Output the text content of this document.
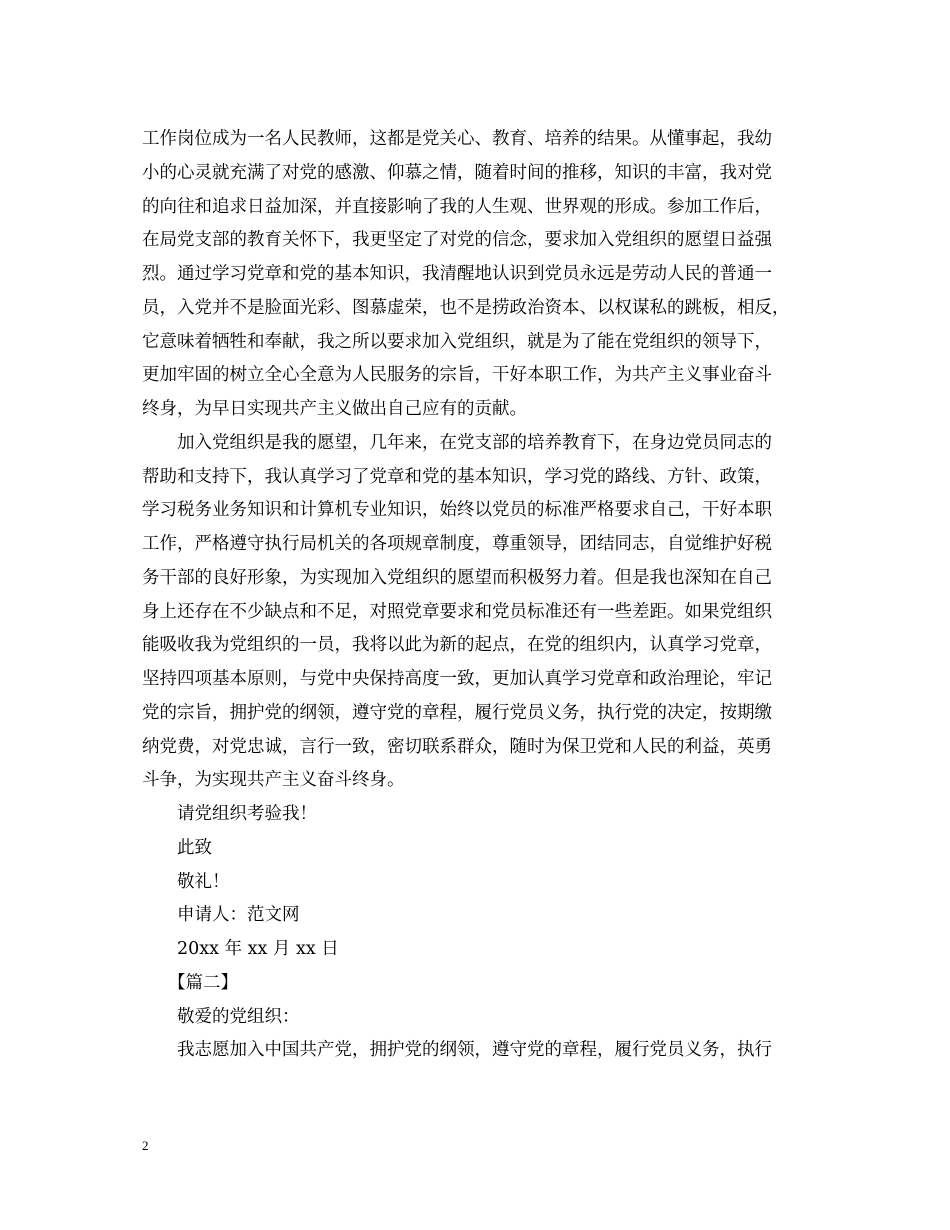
工作岗位成为一名人民教师，这都是党关心、教育、培养的结果。从懂事起，我幼
小的心灵就充满了对党的感激、仰慕之情，随着时间的推移，知识的丰富，我对党
的向往和追求日益加深，并直接影响了我的人生观、世界观的形成。参加工作后，
在局党支部的教育关怀下，我更坚定了对党的信念，要求加入党组织的愿望日益强
烈。通过学习党章和党的基本知识，我清醒地认识到党员永远是劳动人民的普通一
员，入党并不是脸面光彩、图慕虚荣，也不是捞政治资本、以权谋私的跳板，相反，
它意味着牺牲和奉献，我之所以要求加入党组织，就是为了能在党组织的领导下，
更加牢固的树立全心全意为人民服务的宗旨，干好本职工作，为共产主义事业奋斗
终身，为早日实现共产主义做出自己应有的贡献。
加入党组织是我的愿望，几年来，在党支部的培养教育下，在身边党员同志的
帮助和支持下，我认真学习了党章和党的基本知识，学习党的路线、方针、政策，
学习税务业务知识和计算机专业知识，始终以党员的标准严格要求自己，干好本职
工作，严格遵守执行局机关的各项规章制度，尊重领导，团结同志，自觉维护好税
务干部的良好形象，为实现加入党组织的愿望而积极努力着。但是我也深知在自己
身上还存在不少缺点和不足，对照党章要求和党员标准还有一些差距。如果党组织
能吸收我为党组织的一员，我将以此为新的起点，在党的组织内，认真学习党章，
坚持四项基本原则，与党中央保持高度一致，更加认真学习党章和政治理论，牢记
党的宗旨，拥护党的纲领，遵守党的章程，履行党员义务，执行党的决定，按期缴
纳党费，对党忠诚，言行一致，密切联系群众，随时为保卫党和人民的利益，英勇
斗争，为实现共产主义奋斗终身。
请党组织考验我！
此致
敬礼！
申请人：范文网
20xx 年 xx 月 xx 日
【篇二】
敬爱的党组织：
我志愿加入中国共产党，拥护党的纲领，遵守党的章程，履行党员义务，执行
2
